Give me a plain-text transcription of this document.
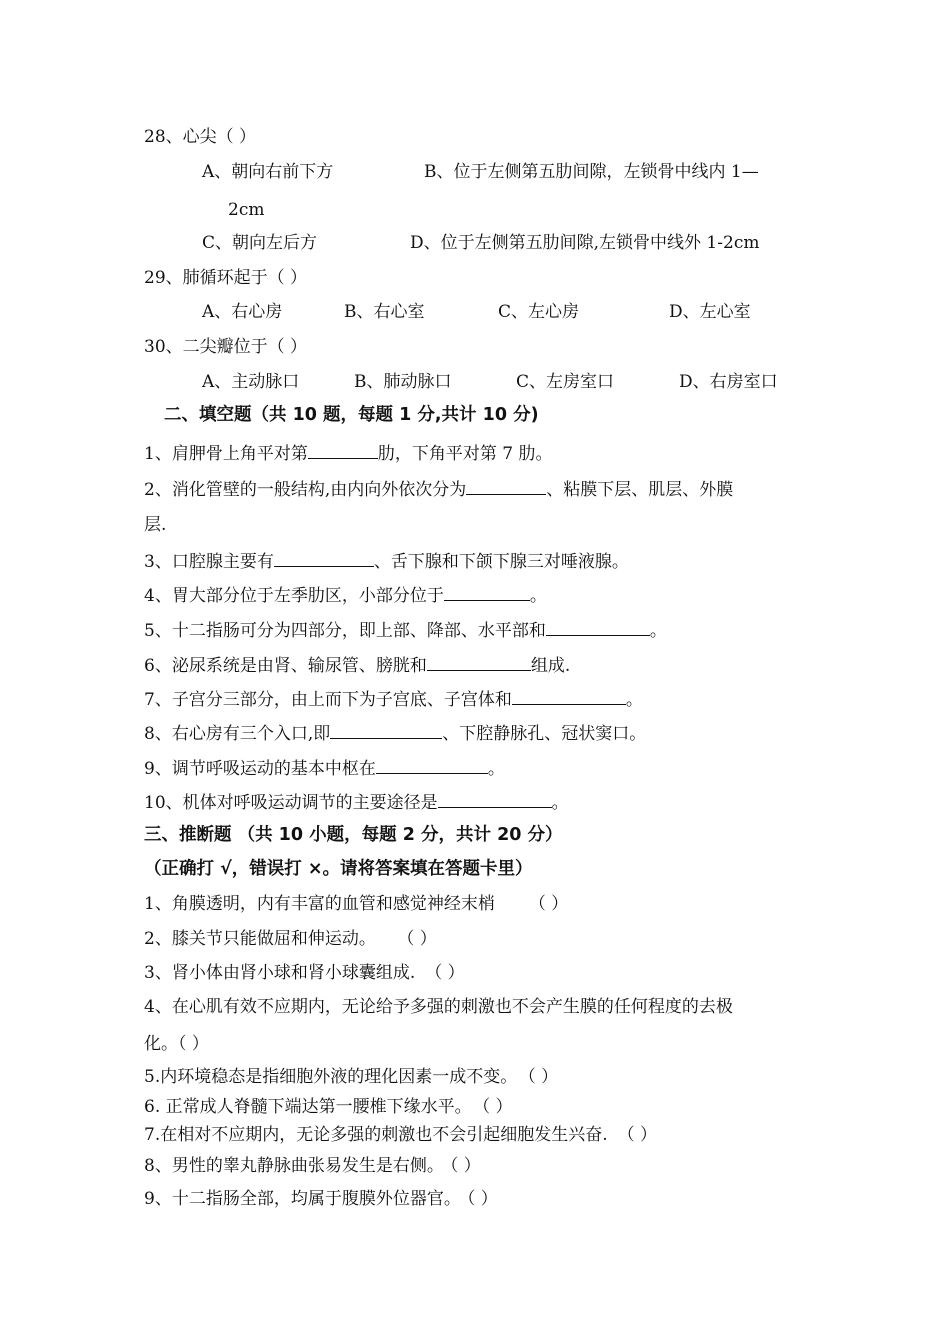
28、心尖（ ）
A、朝向右前下方	B、位于左侧第五肋间隙，左锁骨中线内 1—
2cm
C、朝向左后方	D、位于左侧第五肋间隙,左锁骨中线外 1-2cm
29、肺循环起于（ ）
A、右心房	B、右心室	C、左心房	D、左心室
30、二尖瓣位于（ ）
A、主动脉口	B、肺动脉口	C、左房室口	D、右房室口
二、填空题（共 10 题，每题 1 分,共计 10 分)
1、肩胛骨上角平对第	肋，下角平对第 7 肋。
2、消化管壁的一般结构,由内向外依次分为	、粘膜下层、肌层、外膜
层.
3、口腔腺主要有	、舌下腺和下颌下腺三对唾液腺。
4、胃大部分位于左季肋区，小部分位于	。
5、十二指肠可分为四部分，即上部、降部、水平部和	。
6、泌尿系统是由肾、输尿管、膀胱和	组成.
7、子宫分三部分，由上而下为子宫底、子宫体和	。
8、右心房有三个入口,即	、下腔静脉孔、冠状窦口。
9、调节呼吸运动的基本中枢在	。
10、机体对呼吸运动调节的主要途径是	。
三、推断题 （共 10 小题，每题 2 分，共计 20 分）
（正确打 √，错误打 ×。请将答案填在答题卡里）
1、角膜透明，内有丰富的血管和感觉神经末梢 （ ）
2、膝关节只能做屈和伸运动。 （ ）
3、肾小体由肾小球和肾小球囊组成. （ ）
4、在心肌有效不应期内，无论给予多强的刺激也不会产生膜的任何程度的去极
化。（ ）
5.内环境稳态是指细胞外液的理化因素一成不变。 （ ）
6. 正常成人脊髓下端达第一腰椎下缘水平。 （ ）
7.在相对不应期内，无论多强的刺激也不会引起细胞发生兴奋. （ ）
8、男性的睾丸静脉曲张易发生是右侧。 （ ）
9、十二指肠全部，均属于腹膜外位器官。 （ ）
